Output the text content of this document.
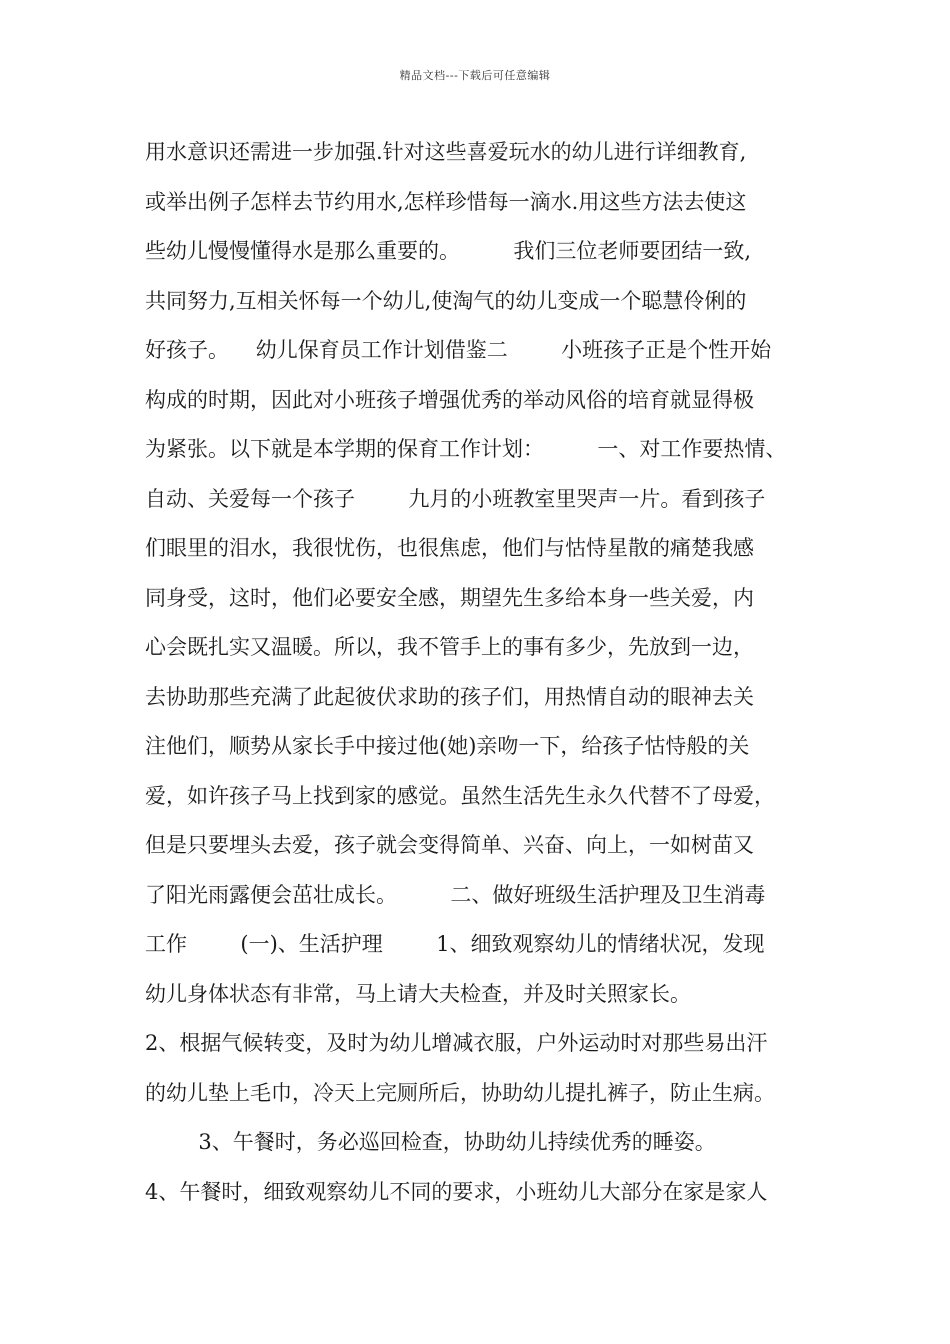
精品文档---下载后可任意编辑
用水意识还需进一步加强.针对这些喜爱玩水的幼儿进行详细教育,
或举出例子怎样去节约用水,怎样珍惜每一滴水.用这些方法去使这
些幼儿慢慢懂得水是那么重要的。        我们三位老师要团结一致,
共同努力,互相关怀每一个幼儿,使淘气的幼儿变成一个聪慧伶俐的
好孩子。    幼儿保育员工作计划借鉴二        小班孩子正是个性开始
构成的时期，因此对小班孩子增强优秀的举动风俗的培育就显得极
为紧张。以下就是本学期的保育工作计划：        一、对工作要热情、
自动、关爱每一个孩子        九月的小班教室里哭声一片。看到孩子
们眼里的泪水，我很忧伤，也很焦虑，他们与怙恃星散的痛楚我感
同身受，这时，他们必要安全感，期望先生多给本身一些关爱，内
心会既扎实又温暖。所以，我不管手上的事有多少，先放到一边，
去协助那些充满了此起彼伏求助的孩子们，用热情自动的眼神去关
注他们，顺势从家长手中接过他(她)亲吻一下，给孩子怙恃般的关
爱，如许孩子马上找到家的感觉。虽然生活先生永久代替不了母爱，
但是只要埋头去爱，孩子就会变得简单、兴奋、向上，一如树苗又
了阳光雨露便会茁壮成长。        二、做好班级生活护理及卫生消毒
工作        (一)、生活护理        1、细致观察幼儿的情绪状况，发现
幼儿身体状态有非常，马上请大夫检查，并及时关照家长。
2、根据气候转变，及时为幼儿增减衣服，户外运动时对那些易出汗
的幼儿垫上毛巾，冷天上完厕所后，协助幼儿提扎裤子，防止生病。
3、午餐时，务必巡回检查，协助幼儿持续优秀的睡姿。
4、午餐时，细致观察幼儿不同的要求，小班幼儿大部分在家是家人
